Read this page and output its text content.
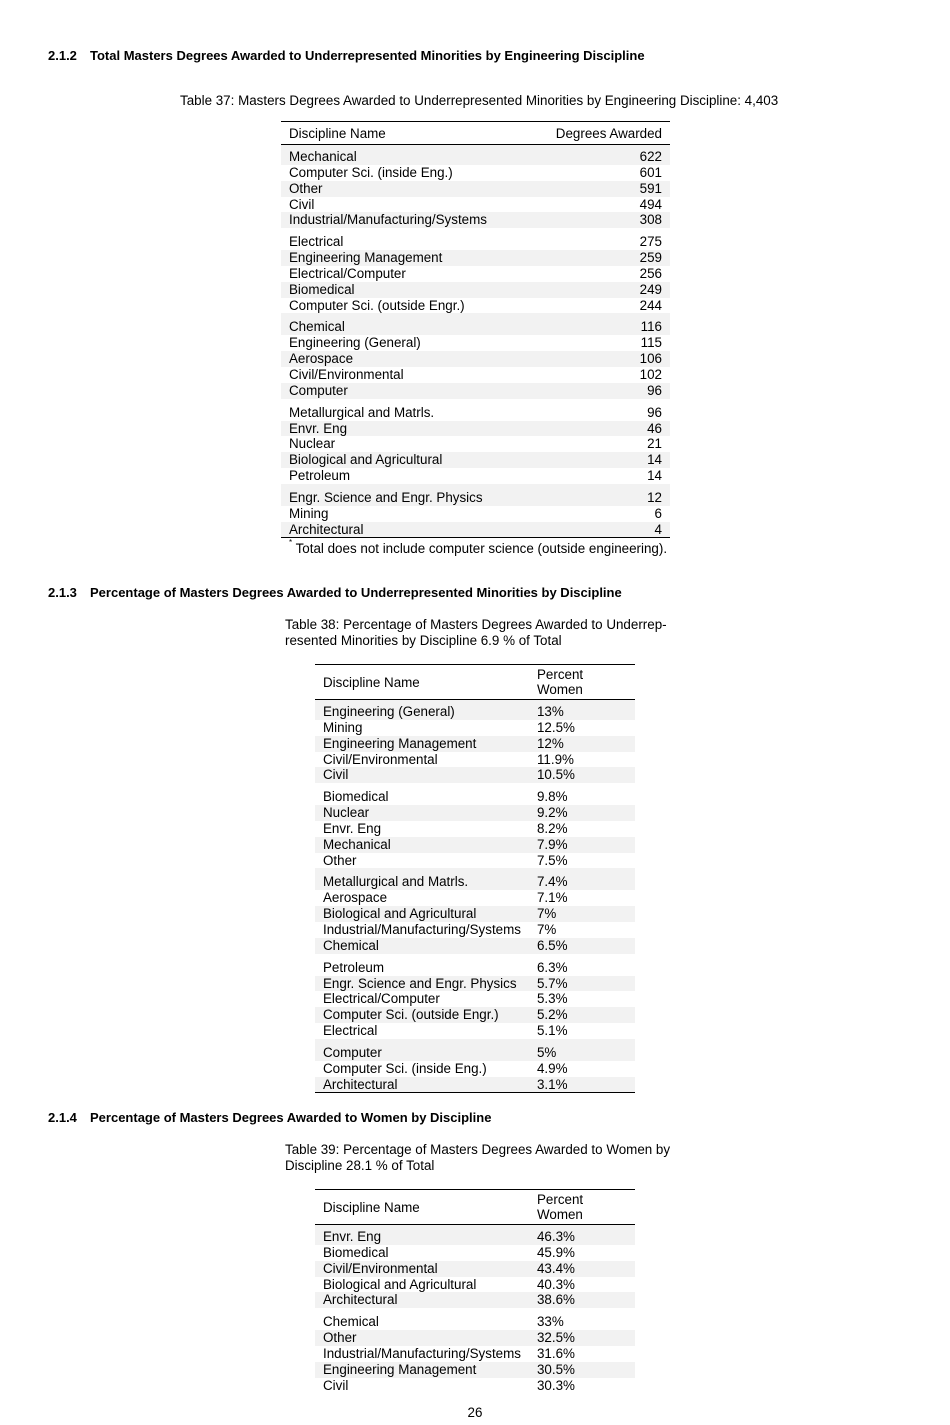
2.1.2 Total Masters Degrees Awarded to Underrepresented Minorities by Engineering Discipline
Table 37: Masters Degrees Awarded to Underrepresented Minorities by Engineering Discipline: 4,403
Discipline Name	Degrees Awarded
Mechanical	622
Computer Sci. (inside Eng.)	601
Other	591
Civil	494
Industrial/Manufacturing/Systems	308
Electrical	275
Engineering Management	259
Electrical/Computer	256
Biomedical	249
Computer Sci. (outside Engr.)	244
Chemical	116
Engineering (General)	115
Aerospace	106
Civil/Environmental	102
Computer	96
Metallurgical and Matrls.	96
Envr. Eng	46
Nuclear	21
Biological and Agricultural	14
Petroleum	14
Engr. Science and Engr. Physics	12
Mining	6
Architectural	4
* Total does not include computer science (outside engineering).
2.1.3 Percentage of Masters Degrees Awarded to Underrepresented Minorities by Discipline
Table 38: Percentage of Masters Degrees Awarded to Underrep-
resented Minorities by Discipline 6.9 % of Total
Discipline Name	Percent Women
Engineering (General)	13%
Mining	12.5%
Engineering Management	12%
Civil/Environmental	11.9%
Civil	10.5%
Biomedical	9.8%
Nuclear	9.2%
Envr. Eng	8.2%
Mechanical	7.9%
Other	7.5%
Metallurgical and Matrls.	7.4%
Aerospace	7.1%
Biological and Agricultural	7%
Industrial/Manufacturing/Systems	7%
Chemical	6.5%
Petroleum	6.3%
Engr. Science and Engr. Physics	5.7%
Electrical/Computer	5.3%
Computer Sci. (outside Engr.)	5.2%
Electrical	5.1%
Computer	5%
Computer Sci. (inside Eng.)	4.9%
Architectural	3.1%
2.1.4 Percentage of Masters Degrees Awarded to Women by Discipline
Table 39: Percentage of Masters Degrees Awarded to Women by
Discipline 28.1 % of Total
Discipline Name	Percent Women
Envr. Eng	46.3%
Biomedical	45.9%
Civil/Environmental	43.4%
Biological and Agricultural	40.3%
Architectural	38.6%
Chemical	33%
Other	32.5%
Industrial/Manufacturing/Systems	31.6%
Engineering Management	30.5%
Civil	30.3%
26
